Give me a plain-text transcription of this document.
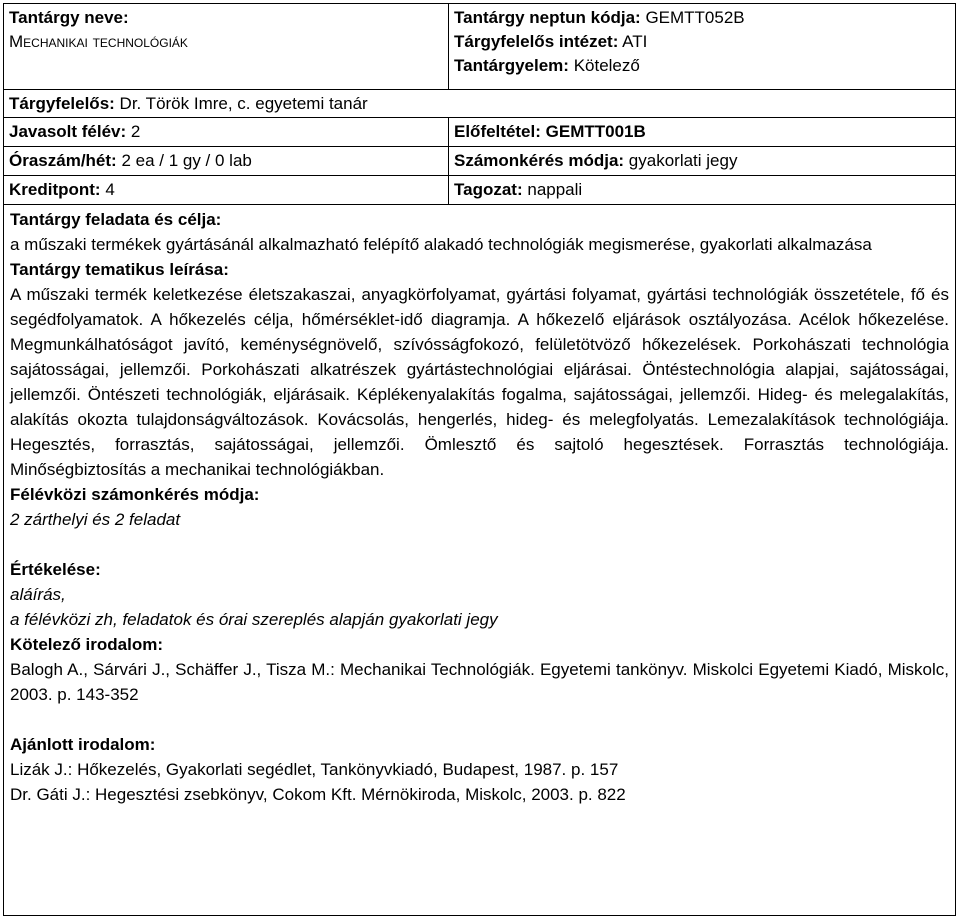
Tantárgy neve:
Mechanikai technológiák
Tantárgy neptun kódja: GEMTT052B
Tárgyfelelős intézet: ATI
Tantárgyelem: Kötelező
Tárgyfelelős: Dr. Török Imre, c. egyetemi tanár
Javasolt félév: 2	Előfeltétel: GEMTT001B
Óraszám/hét: 2 ea / 1 gy / 0 lab	Számonkérés módja: gyakorlati jegy
Kreditpont: 4	Tagozat: nappali

Tantárgy feladata és célja:

a műszaki termékek gyártásánál alkalmazható felépítő alakadó technológiák megismerése, gyakorlati alkalmazása

Tantárgy tematikus leírása:

A műszaki termék keletkezése életszakaszai, anyagkörfolyamat, gyártási folyamat, gyártási technológiák összetétele, fő és segédfolyamatok. A hőkezelés célja, hőmérséklet-idő diagramja. A hőkezelő eljárások osztályozása. Acélok hőkezelése. Megmunkálhatóságot javító, keménységnövelő, szívósságfokozó, felületötvöző hőkezelések. Porkohászati technológia sajátosságai, jellemzői. Porkohászati alkatrészek gyártástechnológiai eljárásai. Öntéstechnológia alapjai, sajátosságai, jellemzői. Öntészeti technológiák, eljárásaik. Képlékenyalakítás fogalma, sajátosságai, jellemzői. Hideg- és melegalakítás, alakítás okozta tulajdonságváltozások. Kovácsolás, hengerlés, hideg- és melegfolyatás. Lemezalakítások technológiája. Hegesztés, forrasztás, sajátosságai, jellemzői. Ömlesztő és sajtoló hegesztések. Forrasztás technológiája. Minőségbiztosítás a mechanikai technológiákban.

Félévközi számonkérés módja:

2 zárthelyi és 2 feladat

Értékelése:

aláírás,

a félévközi zh, feladatok és órai szereplés alapján gyakorlati jegy

Kötelező irodalom:

Balogh A., Sárvári J., Schäffer J., Tisza M.: Mechanikai Technológiák. Egyetemi tankönyv. Miskolci Egyetemi Kiadó, Miskolc, 2003. p. 143-352

Ajánlott irodalom:

Lizák J.: Hőkezelés, Gyakorlati segédlet, Tankönyvkiadó, Budapest, 1987. p. 157

Dr. Gáti J.: Hegesztési zsebkönyv, Cokom Kft. Mérnökiroda, Miskolc, 2003. p. 822
